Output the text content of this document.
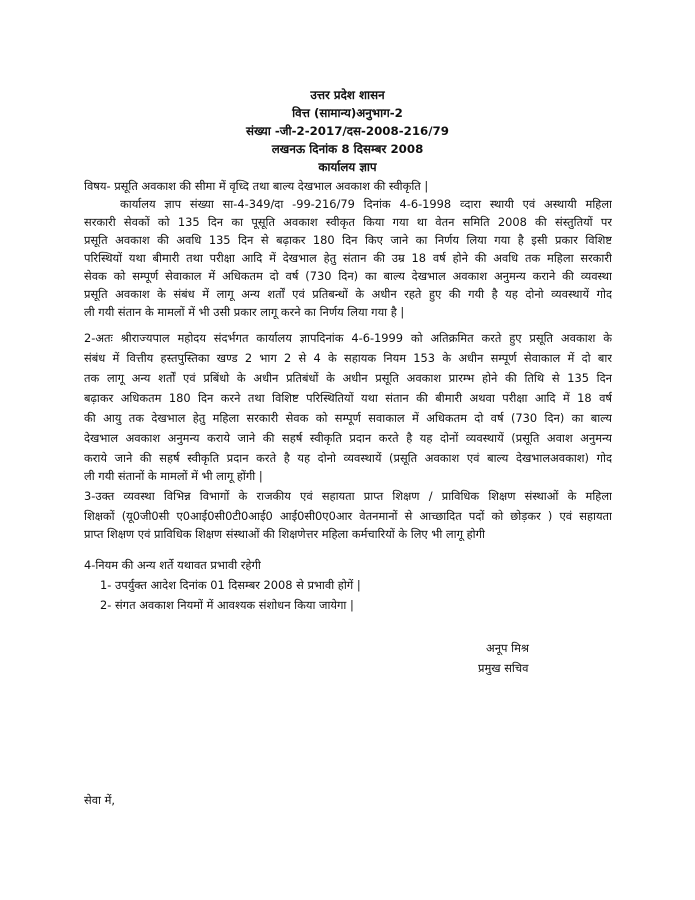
उत्तर प्रदेश शासन
वित्त (सामान्य)अनुभाग-2
संख्या -जी-2-2017/दस-2008-216/79
लखनऊ दिनांक 8 दिसम्बर 2008
कार्यालय ज्ञाप
विषय- प्रसूति अवकाश की सीमा में वृध्दि तथा बाल्य देखभाल अवकाश की स्वीकृति |
कार्यालय ज्ञाप संख्या सा-4-349/दा -99-216/79 दिनांक 4-6-1998 व्दारा स्थायी एवं अस्थायी महिला
सरकारी सेवकों को 135 दिन का पूसूति अवकाश स्वीकृत किया गया था वेतन समिति 2008 की संस्तुतियों पर
प्रसूति अवकाश की अवधि 135 दिन से बढ़ाकर 180 दिन किए जाने का निर्णय लिया गया है इसी प्रकार विशिष्ट
परिस्थियों यथा बीमारी तथा परीक्षा आदि में देखभाल हेतु संतान की उम्र 18 वर्ष होने की अवधि तक महिला सरकारी
सेवक को सम्पूर्ण सेवाकाल में अधिकतम दो वर्ष (730 दिन) का बाल्य देखभाल अवकाश अनुमन्य कराने की व्यवस्था
प्रसूति अवकाश के संबंध में लागू अन्य शर्तों एवं प्रतिबन्धों के अधीन रहते हुए की गयी है यह दोनो व्यवस्थायें गोद
ली गयी संतान के मामलों में भी उसी प्रकार लागू करने का निर्णय लिया गया है |
2-अतः श्रीराज्यपाल महोदय संदर्भगत कार्यालय ज्ञापदिनांक 4-6-1999 को अतिक्रमित करते हुए प्रसूति अवकाश के
संबंध में वित्तीय हस्तपुस्तिका खण्ड 2 भाग 2 से 4 के सहायक नियम 153 के अधीन सम्पूर्ण सेवाकाल में दो बार
तक लागू अन्य शर्तों एवं प्रबिंधो के अधीन प्रतिबंधों के अधीन प्रसूति अवकाश प्रारम्भ होने की तिथि से 135 दिन
बढ़ाकर अधिकतम 180 दिन करने तथा विशिष्ट परिस्थितियों यथा संतान की बीमारी अथवा परीक्षा आदि में 18 वर्ष
की आयु तक देखभाल हेतु महिला सरकारी सेवक को सम्पूर्ण सवाकाल में अधिकतम दो वर्ष (730 दिन) का बाल्य
देखभाल अवकाश अनुमन्य कराये जाने की सहर्ष स्वीकृति प्रदान करते है यह दोनों व्यवस्थायें (प्रसूति अवाश अनुमन्य
कराये जाने की सहर्ष स्वीकृति प्रदान करते है यह दोनो व्यवस्थायें (प्रसूति अवकाश एवं बाल्य देखभालअवकाश) गोद
ली गयी संतानों के मामलों में भी लागू होंगी |
3-उक्त व्यवस्था विभिन्न विभागों के राजकीय एवं सहायता प्राप्त शिक्षण / प्राविधिक शिक्षण संस्थाओं के महिला
शिक्षकों (यू0जी0सी ए0आई0सी0टी0आई0 आई0सी0ए0आर वेतनमानों से आच्छादित पदों को छोड़कर ) एवं सहायता
प्राप्त शिक्षण एवं प्राविधिक शिक्षण संस्थाओं की शिक्षणेत्तर महिला कर्मचारियों के लिए भी लागू होगी
4-नियम की अन्य शर्ते यथावत प्रभावी रहेगी
1- उपर्युक्त आदेश दिनांक 01 दिसम्बर 2008 से प्रभावी होगें |
2- संगत अवकाश नियमों में आवश्यक संशोधन किया जायेगा |
अनूप मिश्र
प्रमुख सचिव
सेवा में,
